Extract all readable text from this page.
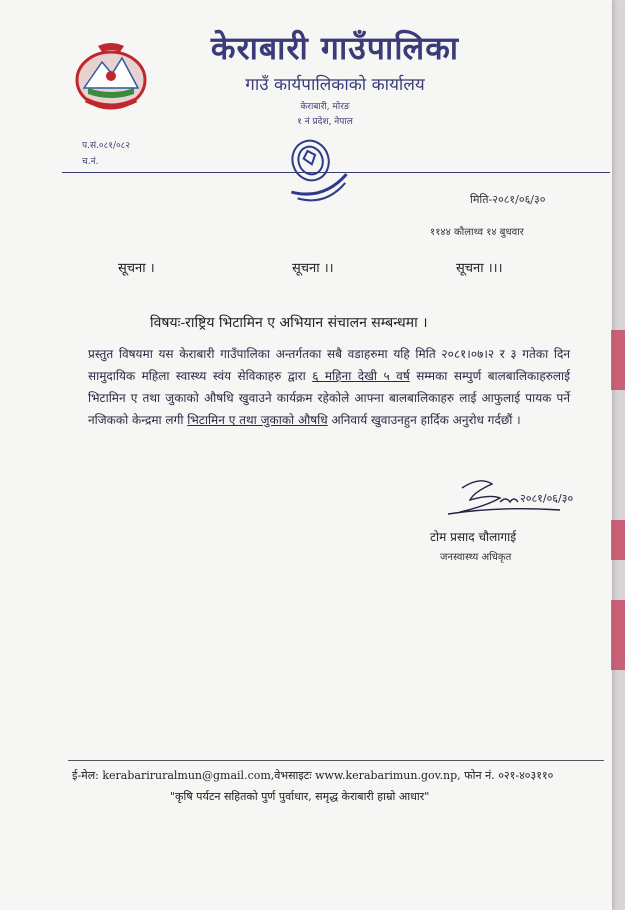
केराबारी गाउँपालिका
गाउँ कार्यपालिकाको कार्यालय
केराबारी, मोरङ
१ नं प्रदेश, नेपाल
प.सं.०८१/०८२
च.नं.
मिति-२०८१/०६/३०
११४४ कौलाथ्व १४ बुधवार
सूचना ।	सूचना ।।	सूचना ।।।
विषयः-राष्ट्रिय भिटामिन ए अभियान संचालन सम्बन्धमा ।
प्रस्तुत विषयमा यस केराबारी गाउँपालिका अन्तर्गतका सबै वडाहरुमा यहि मिति २०८१।०७।२ र ३ गतेका दिन सामुदायिक महिला स्वास्थ्य स्वंय सेविकाहरु द्वारा ६ महिना देखी ५ वर्ष सम्मका सम्पुर्ण बालबालिकाहरुलाई भिटामिन ए तथा जुकाको औषधि खुवाउने कार्यक्रम रहेकोले आफ्ना बालबालिकाहरु लाई आफुलाई पायक पर्ने नजिकको केन्द्रमा लगी भिटामिन ए तथा जुकाको औषधि अनिवार्य खुवाउनहुन हार्दिक अनुरोध गर्दछौं ।
२०८१/०६/३०
टोम प्रसाद चौलागाई
जनस्वास्थ्य अधिकृत
ई-मेल: kerabariruralmun@gmail.com,वेभसाइटः www.kerabarimun.gov.np, फोन नं. ०२१-४०३११०
"कृषि पर्यटन सहितको पुर्ण पुर्वाधार, समृद्ध केराबारी हाम्रो आधार"
